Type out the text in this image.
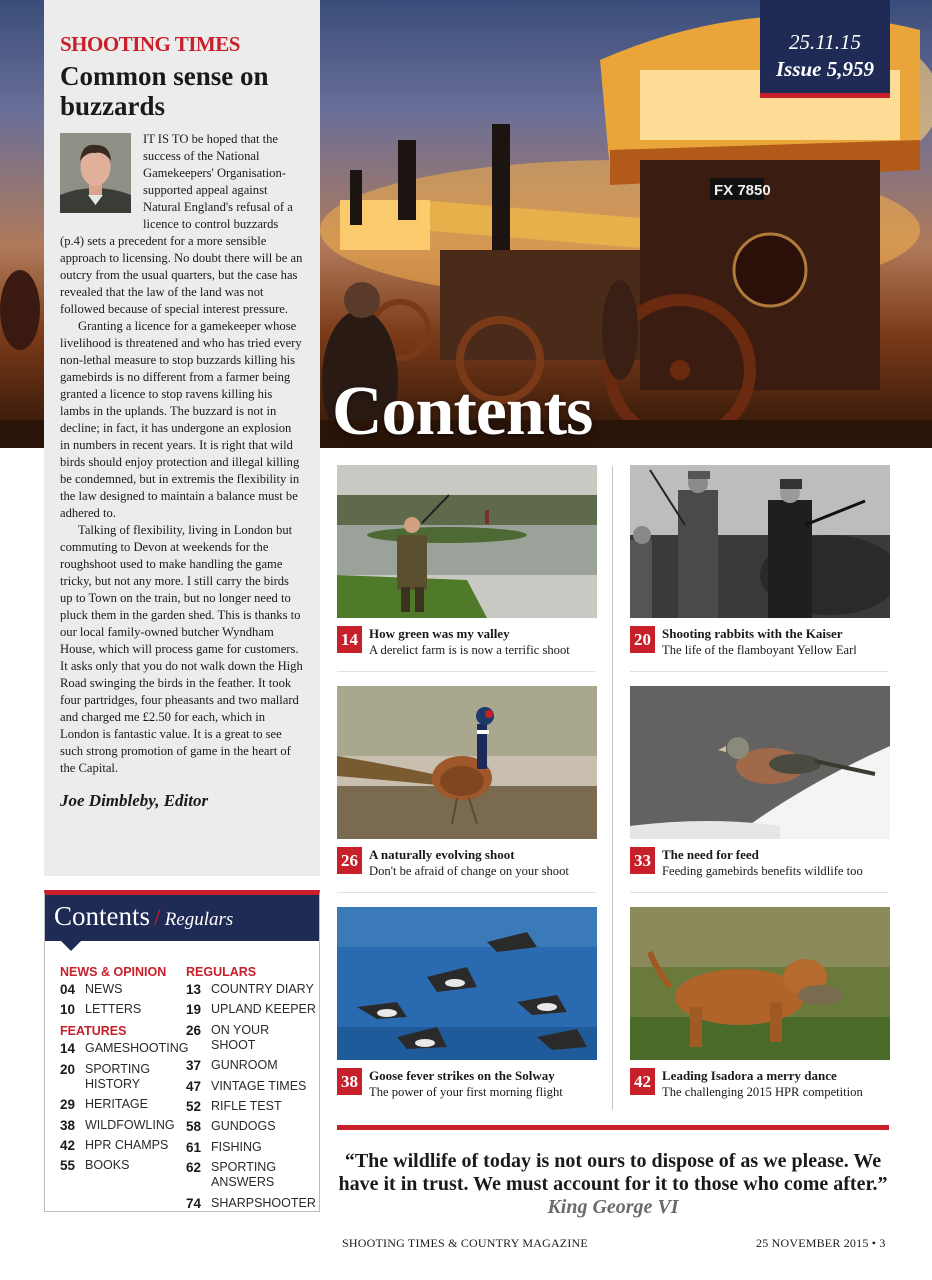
FX 7850
Contents
25.11.15
Issue 5,959
SHOOTING TIMES
Common sense on buzzards

IT IS TO be hoped that the success of the National Gamekeepers' Organisation-supported appeal against Natural England's refusal of a licence to control buzzards (p.4) sets a precedent for a more sensible approach to licensing. No doubt there will be an outcry from the usual quarters, but the case has revealed that the law of the land was not followed because of special interest pressure.

Granting a licence for a gamekeeper whose livelihood is threatened and who has tried every non-lethal measure to stop buzzards killing his gamebirds is no different from a farmer being granted a licence to stop ravens killing his lambs in the uplands. The buzzard is not in decline; in fact, it has undergone an explosion in numbers in recent years. It is right that wild birds should enjoy protection and illegal killing be condemned, but in extremis the flexibility in the law designed to maintain a balance must be adhered to.

Talking of flexibility, living in London but commuting to Devon at weekends for the roughshoot used to make handling the game tricky, but not any more. I still carry the birds up to Town on the train, but no longer need to pluck them in the garden shed. This is thanks to our local family-owned butcher Wyndham House, which will process game for customers. It asks only that you do not walk down the High Road swinging the birds in the feather. It took four partridges, four pheasants and two mallard and charged me £2.50 for each, which in London is fantastic value. It is a great to see such strong promotion of game in the heart of the Capital.

Joe Dimbleby, Editor
Contents / Regulars
NEWS & OPINION
04 NEWS
10 LETTERS
FEATURES
14 GAMESHOOTING
20 SPORTING HISTORY
29 HERITAGE
38 WILDFOWLING
42 HPR CHAMPS
55 BOOKS
REGULARS
13 COUNTRY DIARY
19 UPLAND KEEPER
26 ON YOUR SHOOT
37 GUNROOM
47 VINTAGE TIMES
52 RIFLE TEST
58 GUNDOGS
61 FISHING
62 SPORTING ANSWERS
74 SHARPSHOOTER
14 How green was my valley
A derelict farm is is now a terrific shoot
20 Shooting rabbits with the Kaiser
The life of the flamboyant Yellow Earl
26 A naturally evolving shoot
Don't be afraid of change on your shoot
33 The need for feed
Feeding gamebirds benefits wildlife too
38 Goose fever strikes on the Solway
The power of your first morning flight
42 Leading Isadora a merry dance
The challenging 2015 HPR competition
“The wildlife of today is not ours to dispose of as we please. We have it in trust. We must account for it to those who come after.” King George VI
SHOOTING TIMES & COUNTRY MAGAZINE	25 NOVEMBER 2015 • 3
